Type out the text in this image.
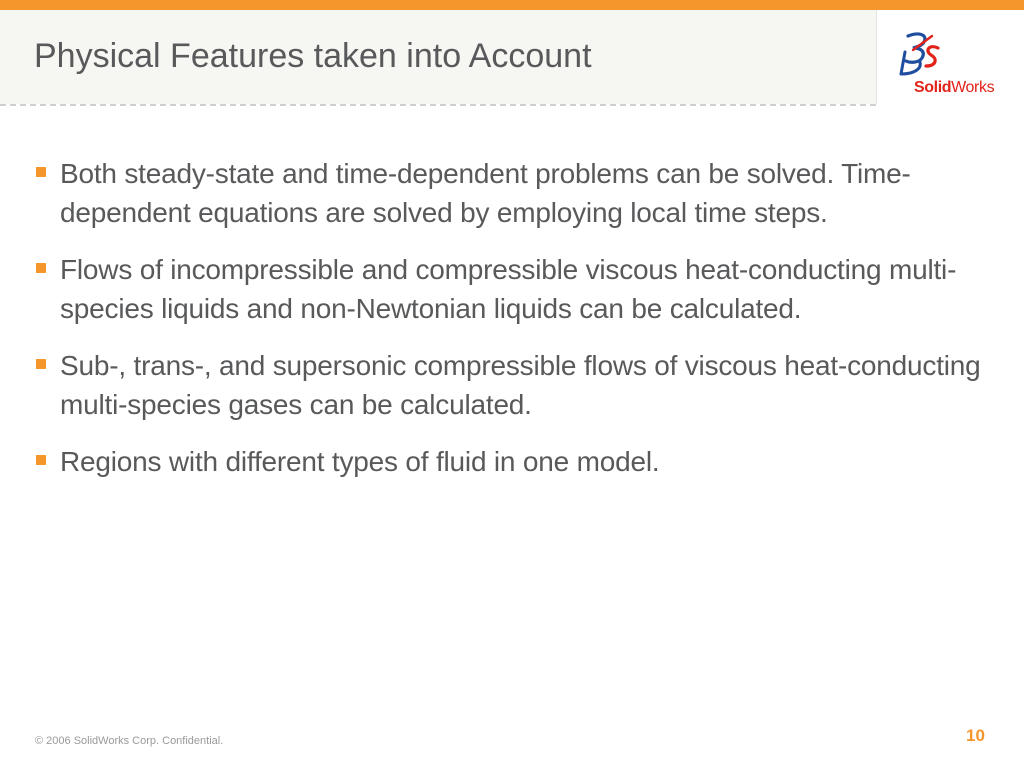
Physical Features taken into Account
SolidWorks
Both steady-state and time-dependent problems can be solved. Time-dependent equations are solved by employing local time steps.
Flows of incompressible and compressible viscous heat-conducting multi-species liquids and non-Newtonian liquids can be calculated.
Sub-, trans-, and supersonic compressible flows of viscous heat-conducting multi-species gases can be calculated.
Regions with different types of fluid in one model.
© 2006 SolidWorks Corp. Confidential.	10
